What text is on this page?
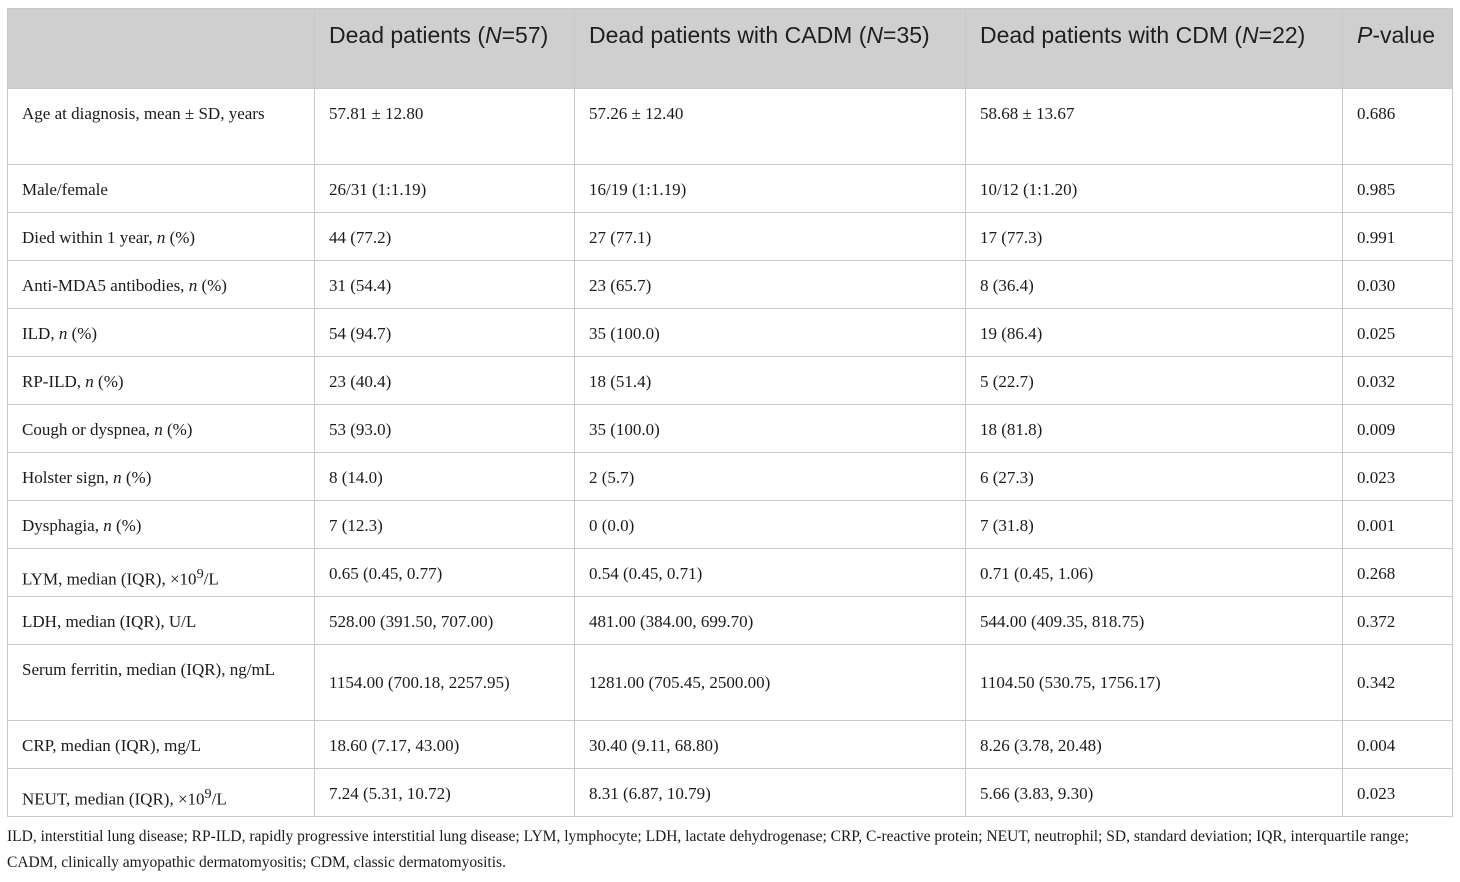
	Dead patients (N=57)	Dead patients with CADM (N=35)	Dead patients with CDM (N=22)	P-value
Age at diagnosis, mean ± SD, years	57.81 ± 12.80	57.26 ± 12.40	58.68 ± 13.67	0.686
Male/female	26/31 (1:1.19)	16/19 (1:1.19)	10/12 (1:1.20)	0.985
Died within 1 year, n (%)	44 (77.2)	27 (77.1)	17 (77.3)	0.991
Anti-MDA5 antibodies, n (%)	31 (54.4)	23 (65.7)	8 (36.4)	0.030
ILD, n (%)	54 (94.7)	35 (100.0)	19 (86.4)	0.025
RP-ILD, n (%)	23 (40.4)	18 (51.4)	5 (22.7)	0.032
Cough or dyspnea, n (%)	53 (93.0)	35 (100.0)	18 (81.8)	0.009
Holster sign, n (%)	8 (14.0)	2 (5.7)	6 (27.3)	0.023
Dysphagia, n (%)	7 (12.3)	0 (0.0)	7 (31.8)	0.001
LYM, median (IQR), $\times 10^9/L$	0.65 (0.45, 0.77)	0.54 (0.45, 0.71)	0.71 (0.45, 1.06)	0.268
LDH, median (IQR), U/L	528.00 (391.50, 707.00)	481.00 (384.00, 699.70)	544.00 (409.35, 818.75)	0.372
Serum ferritin, median (IQR), ng/mL	1154.00 (700.18, 2257.95)	1281.00 (705.45, 2500.00)	1104.50 (530.75, 1756.17)	0.342
CRP, median (IQR), mg/L	18.60 (7.17, 43.00)	30.40 (9.11, 68.80)	8.26 (3.78, 20.48)	0.004
NEUT, median (IQR), $\times 10^9/L$	7.24 (5.31, 10.72)	8.31 (6.87, 10.79)	5.66 (3.83, 9.30)	0.023

ILD, interstitial lung disease; RP-ILD, rapidly progressive interstitial lung disease; LYM, lymphocyte; LDH, lactate dehydrogenase; CRP, C-reactive protein; NEUT, neutrophil; SD, standard deviation; IQR, interquartile range; CADM, clinically amyopathic dermatomyositis; CDM, classic dermatomyositis.
